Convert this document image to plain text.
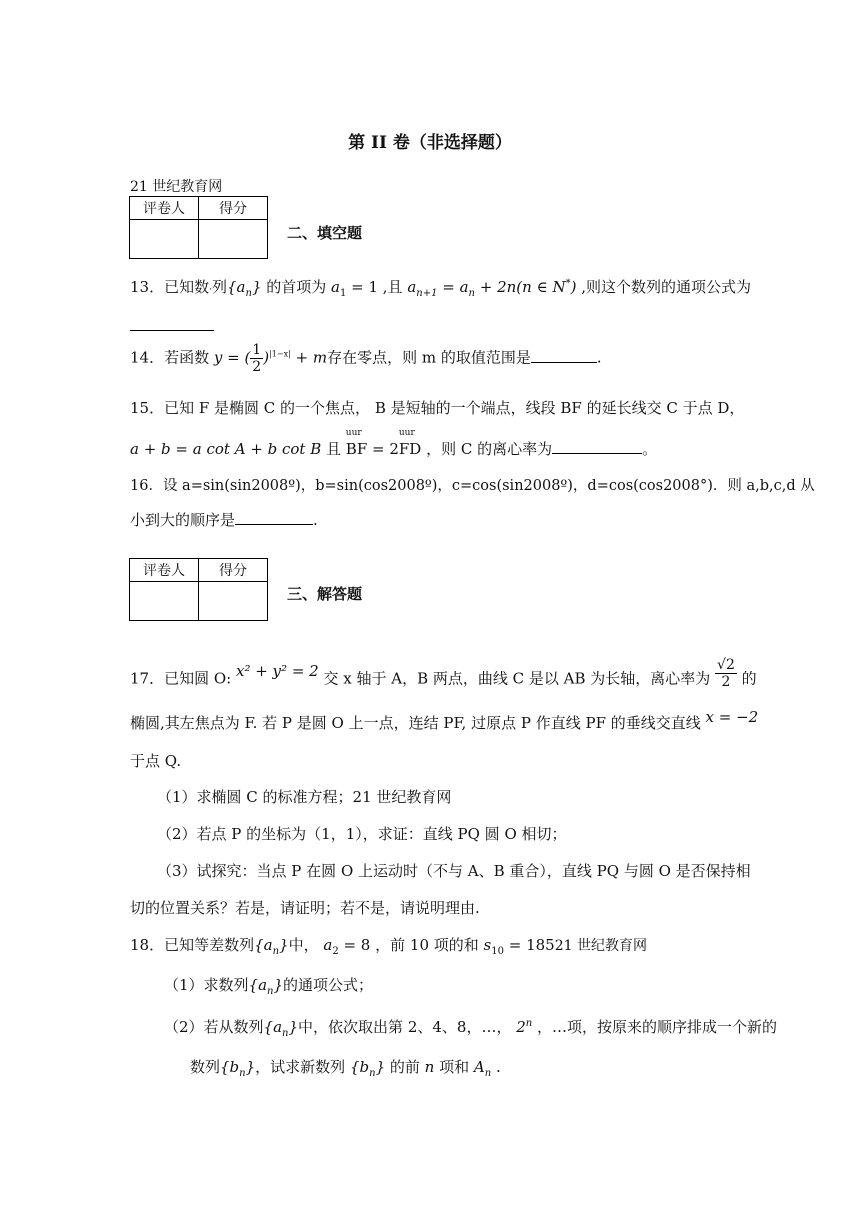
第 II 卷（非选择题）
21 世纪教育网
评卷人	得分

二、填空题
13．已知数·列$\{a_n\}$ 的首项为 $a_1 = 1$ ,且 $a_{n+1} = a_n + 2n(n$ ∈ N*) ,则这个数列的通项公式为
14．若函数 y = ( $\frac{1}{2} )^{|1-x|} + m$存在零点，则 m 的取值范围是	.
15．已知 F 是椭圆 C 的一个焦点， B 是短轴的一个端点，线段 BF 的延长线交 C 于点 D，
a + b = a cot A + b cot B 且
uur
BF = 2
uur
FD ，则 C 的离心率为	。
16．设 a=sin(sin2008º)，b=sin(cos2008º)，c=cos(sin2008º)，d=cos(cos2008°)．则 a,b,c,d 从
小到大的顺序是	.
评卷人	得分

三、解答题
17．已知圆 O: x² + y² = 2 交 x 轴于 A，B 两点，曲线 C 是以 AB 为长轴，离心率为 $\frac{√2}{2}$ 的
椭圆,其左焦点为 F. 若 P 是圆 O 上一点，连结 PF, 过原点 P 作直线 PF 的垂线交直线 x = −2
于点 Q.
（1）求椭圆 C 的标准方程；21 世纪教育网
（2）若点 P 的坐标为（1，1），求证：直线 PQ 圆 O 相切；
（3）试探究：当点 P 在圆 O 上运动时（不与 A、B 重合），直线 PQ 与圆 O 是否保持相
切的位置关系？若是，请证明；若不是，请说明理由.
18．已知等差数列$\{a_n\}$中， $a_2 = 8$ ，前 10 项的和 $s_{10} = 18521$ 世纪教育网
（1）求数列$\{a_n\}$的通项公式；
（2）若从数列$\{a_n\}$中，依次取出第 2、4、8，…， 2$^n$ ，…项，按原来的顺序排成一个新的
数列$\{b_n\}$，试求新数列 $\{b_n\}$ 的前 n 项和 $A_n$ .
